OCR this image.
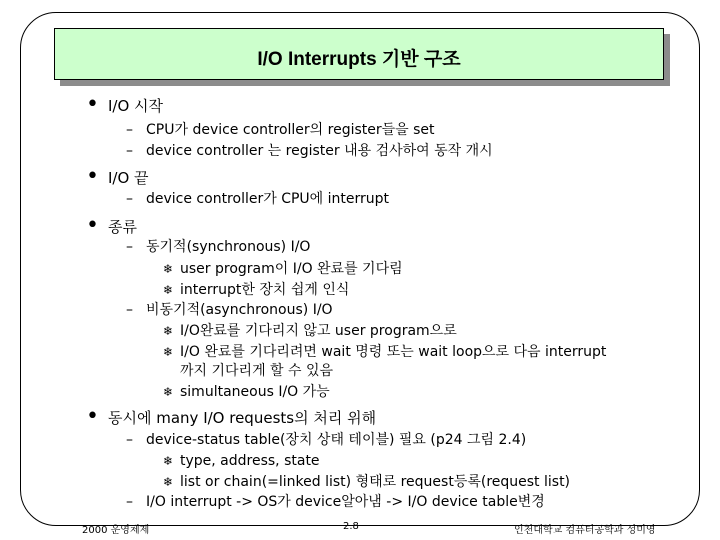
I/O Interrupts 기반 구조
• I/O 시작
– CPU가 device controller의 register들을 set
– device controller 는 register 내용 검사하여 동작 개시
• I/O 끝
– device controller가 CPU에 interrupt
• 종류
– 동기적(synchronous) I/O
❄ user program이 I/O 완료를 기다림
❄ interrupt한 장치 쉽게 인식
– 비동기적(asynchronous) I/O
❄ I/O완료를 기다리지 않고 user program으로
❄ I/O 완료를 기다리려면 wait 명령 또는 wait loop으로 다음 interrupt
까지 기다리게 할 수 있음
❄ simultaneous I/O 가능
• 동시에 many I/O requests의 처리 위해
– device-status table(장치 상태 테이블) 필요 (p24 그림 2.4)
❄ type, address, state
❄ list or chain(=linked list) 형태로 request등록(request list)
– I/O interrupt -> OS가 device알아냄 -> I/O device table변경
2000 운영체제	2.8	인천대학교 컴퓨터공학과 성미영
